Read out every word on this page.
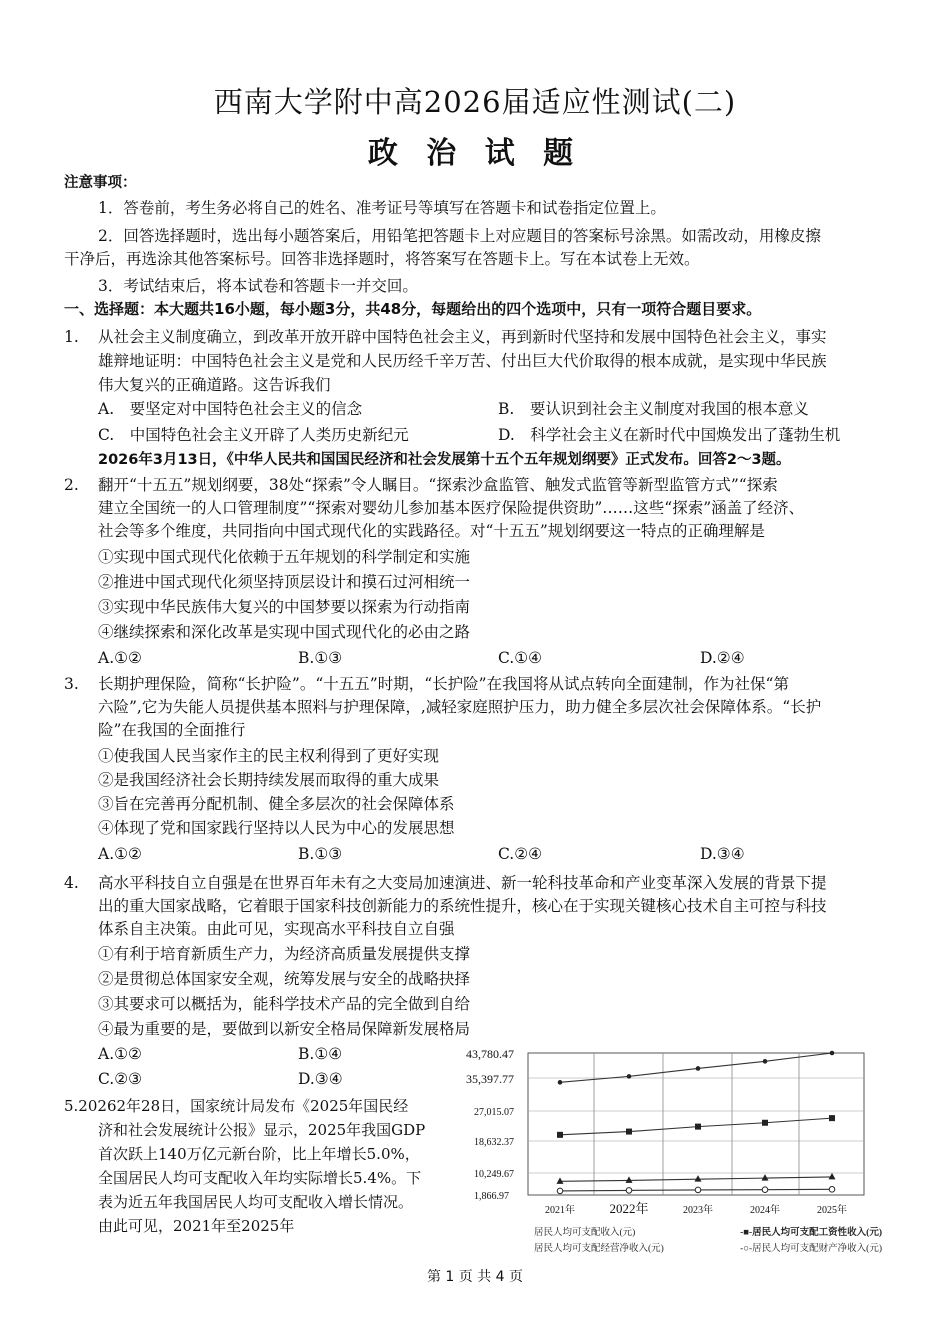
西南大学附中高2026届适应性测试(二)
政 治 试 题
注意事项：
1．答卷前，考生务必将自己的姓名、准考证号等填写在答题卡和试卷指定位置上。
2．回答选择题时，选出每小题答案后，用铅笔把答题卡上对应题目的答案标号涂黑。如需改动，用橡皮擦
干净后，再选涂其他答案标号。回答非选择题时，将答案写在答题卡上。写在本试卷上无效。
3．考试结束后，将本试卷和答题卡一并交回。
一、选择题：本大题共16小题，每小题3分，共48分，每题给出的四个选项中，只有一项符合题目要求。
1. 从社会主义制度确立，到改革开放开辟中国特色社会主义，再到新时代坚持和发展中国特色社会主义，事实
雄辩地证明：中国特色社会主义是党和人民历经千辛万苦、付出巨大代价取得的根本成就，是实现中华民族
伟大复兴的正确道路。这告诉我们
A.　要坚定对中国特色社会主义的信念	B.　要认识到社会主义制度对我国的根本意义
C.　中国特色社会主义开辟了人类历史新纪元	D.　科学社会主义在新时代中国焕发出了蓬勃生机
2026年3月13日，《中华人民共和国国民经济和社会发展第十五个五年规划纲要》正式发布。回答2～3题。
2. 翻开“十五五”规划纲要，38处“探索”令人瞩目。“探索沙盒监管、触发式监管等新型监管方式”“探索
建立全国统一的人口管理制度”“探索对婴幼儿参加基本医疗保险提供资助”……这些“探索”涵盖了经济、
社会等多个维度，共同指向中国式现代化的实践路径。对“十五五”规划纲要这一特点的正确理解是
①实现中国式现代化依赖于五年规划的科学制定和实施
②推进中国式现代化须坚持顶层设计和摸石过河相统一
③实现中华民族伟大复兴的中国梦要以探索为行动指南
④继续探索和深化改革是实现中国式现代化的必由之路
A.①②	B.①③	C.①④	D.②④
3. 长期护理保险，简称“长护险”。“十五五”时期，“长护险”在我国将从试点转向全面建制，作为社保“第
六险”,它为失能人员提供基本照料与护理保障，,减轻家庭照护压力，助力健全多层次社会保障体系。“长护
险”在我国的全面推行
①使我国人民当家作主的民主权利得到了更好实现
②是我国经济社会长期持续发展而取得的重大成果
③旨在完善再分配机制、健全多层次的社会保障体系
④体现了党和国家践行坚持以人民为中心的发展思想
A.①②	B.①③	C.②④	D.③④
4. 高水平科技自立自强是在世界百年未有之大变局加速演进、新一轮科技革命和产业变革深入发展的背景下提
出的重大国家战略，它着眼于国家科技创新能力的系统性提升，核心在于实现关键核心技术自主可控与科技
体系自主决策。由此可见，实现高水平科技自立自强
①有利于培育新质生产力，为经济高质量发展提供支撑
②是贯彻总体国家安全观，统筹发展与安全的战略抉择
③其要求可以概括为，能科学技术产品的完全做到自给
④最为重要的是，要做到以新安全格局保障新发展格局
A.①②	B.①④
C.②③	D.③④
5.20262年28日，国家统计局发布《2025年国民经
济和社会发展统计公报》显示，2025年我国GDP
首次跃上140万亿元新台阶，比上年增长5.0%，
全国居民人均可支配收入年均实际增长5.4%。下
表为近五年我国居民人均可支配收入增长情况。
由此可见，2021年至2025年
43,780.47
35,397.77
27,015.07
18,632.37
10,249.67
1,866.97
2021年	2022年	2023年	2024年	2025年
居民人均可支配收入(元)	-■-居民人均可支配工资性收入(元)
居民人均可支配经营净收入(元)	-○-居民人均可支配财产净收入(元)
第 1 页 共 4 页
